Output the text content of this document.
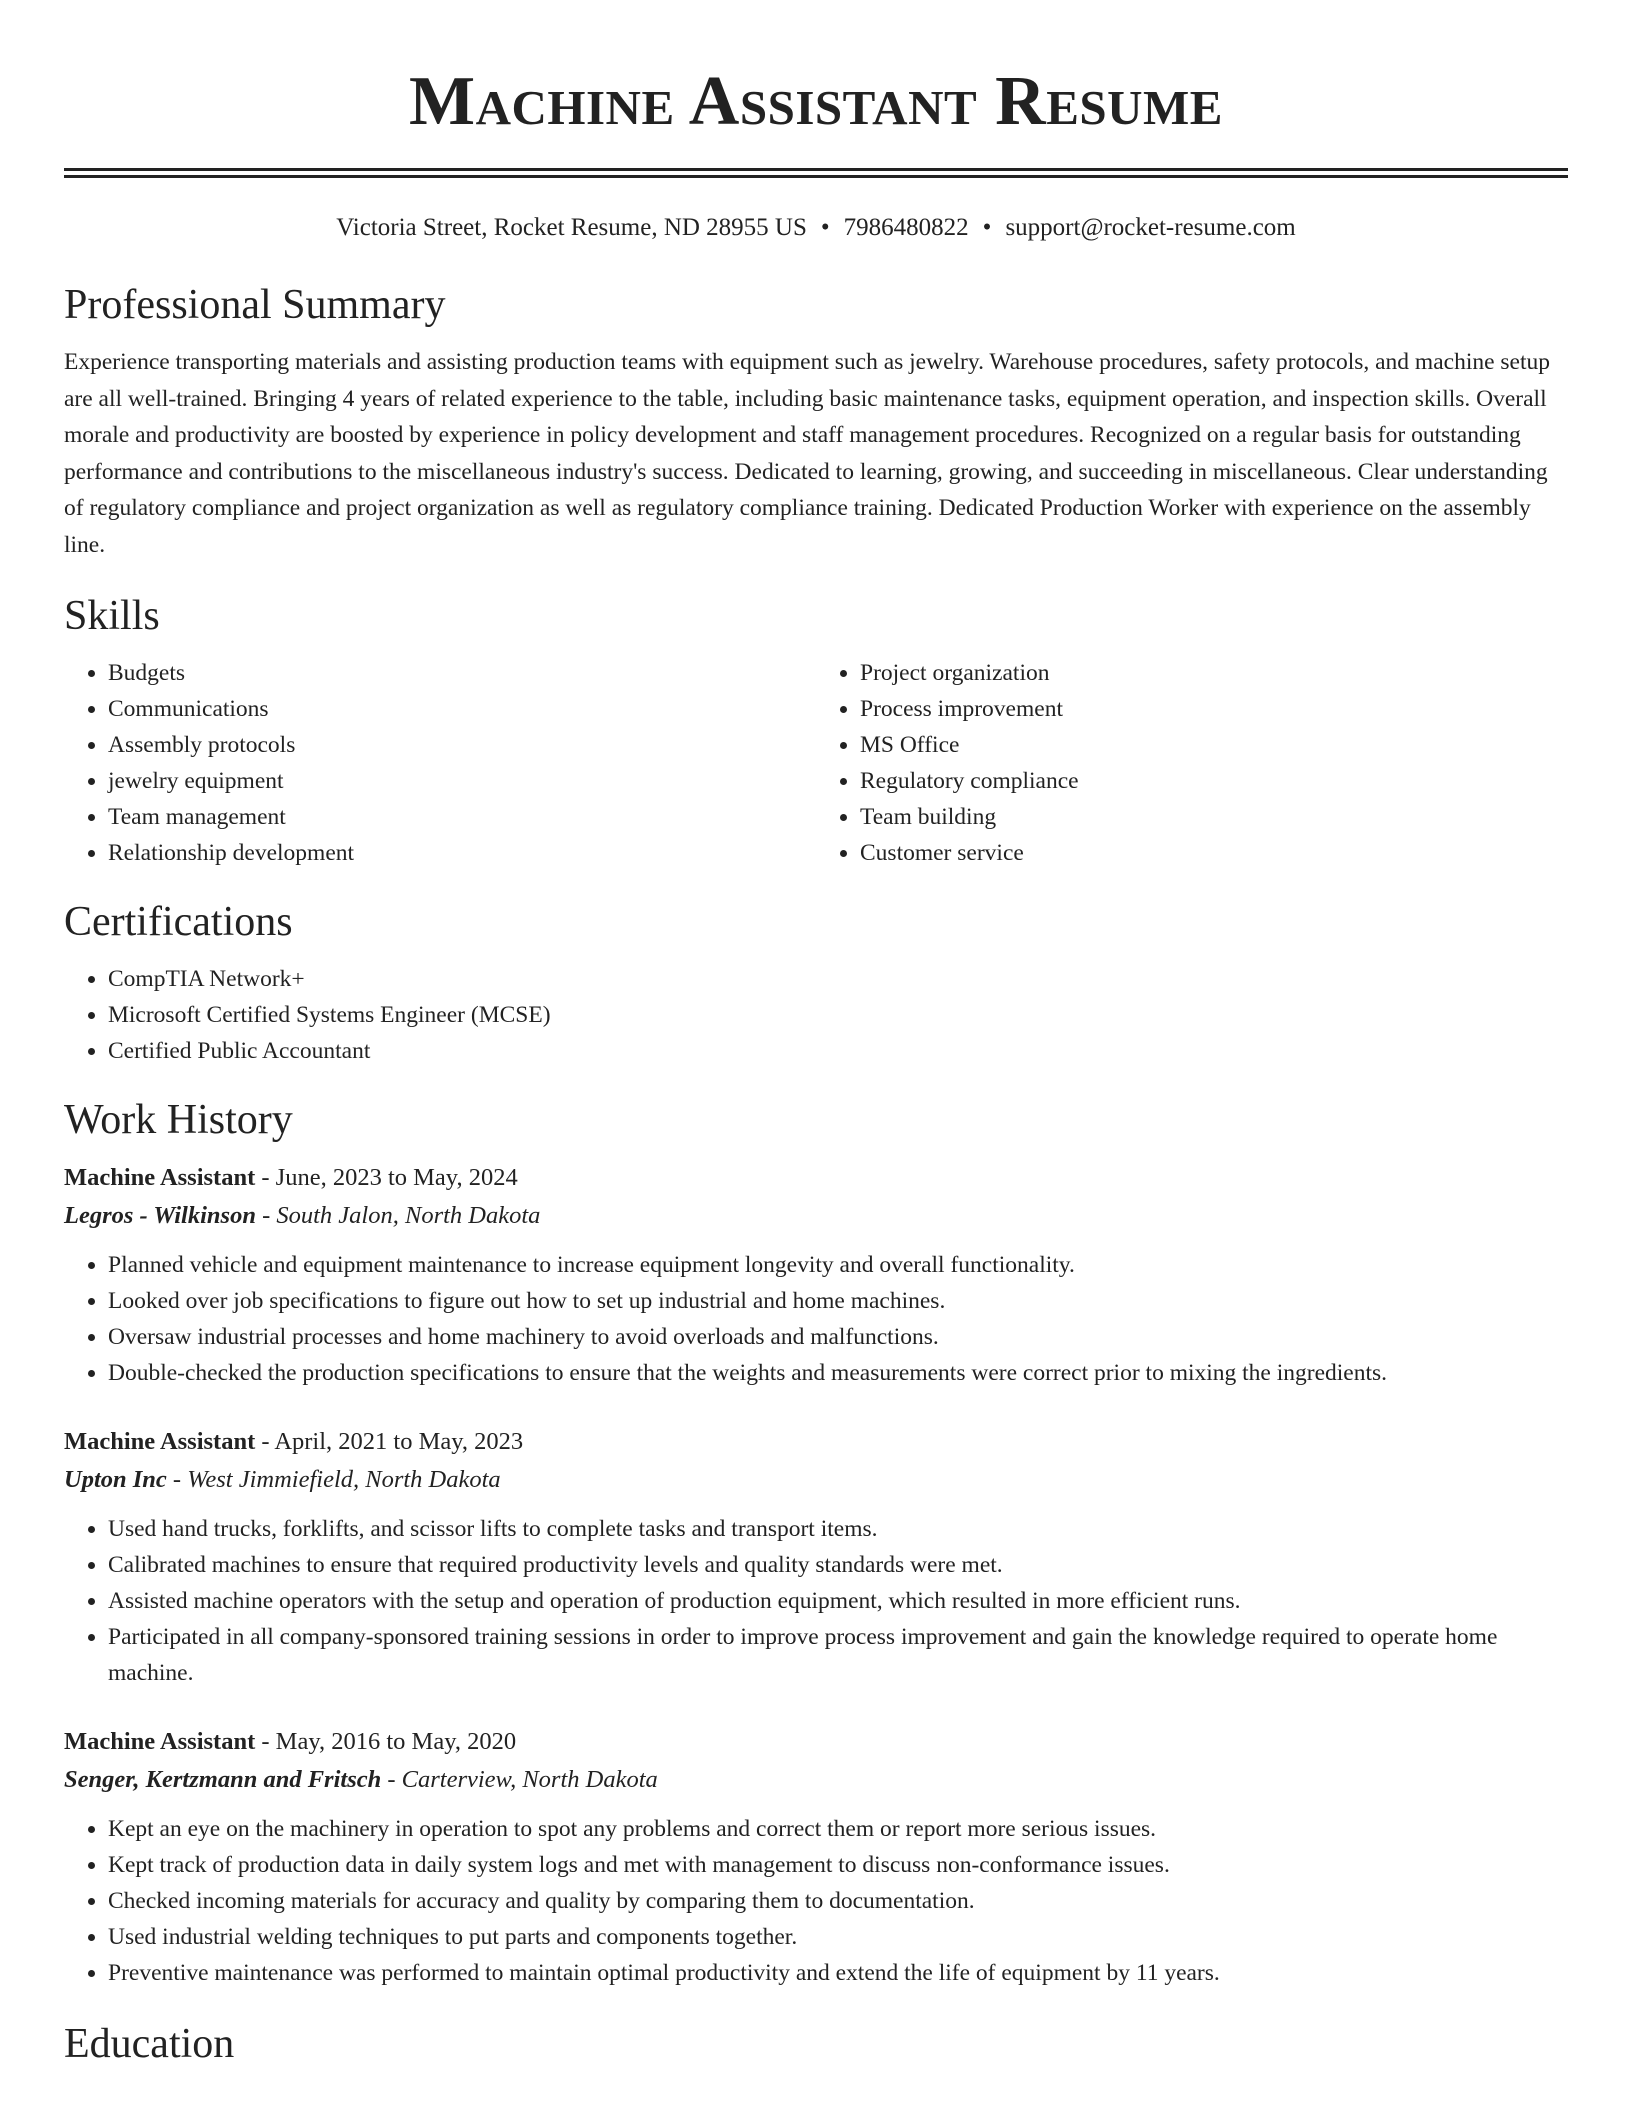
Machine Assistant Resume
Victoria Street, Rocket Resume, ND 28955 US • 7986480822 • support@rocket-resume.com
Professional Summary

Experience transporting materials and assisting production teams with equipment such as jewelry. Warehouse procedures, safety protocols, and machine setup are all well-trained. Bringing 4 years of related experience to the table, including basic maintenance tasks, equipment operation, and inspection skills. Overall morale and productivity are boosted by experience in policy development and staff management procedures. Recognized on a regular basis for outstanding performance and contributions to the miscellaneous industry's success. Dedicated to learning, growing, and succeeding in miscellaneous. Clear understanding of regulatory compliance and project organization as well as regulatory compliance training. Dedicated Production Worker with experience on the assembly line.

Skills
• Budgets
• Communications
• Assembly protocols
• jewelry equipment
• Team management
• Relationship development
• Project organization
• Process improvement
• MS Office
• Regulatory compliance
• Team building
• Customer service
Certifications
• CompTIA Network+
• Microsoft Certified Systems Engineer (MCSE)
• Certified Public Accountant
Work History
Machine Assistant - June, 2023 to May, 2024
Legros - Wilkinson - South Jalon, North Dakota
• Planned vehicle and equipment maintenance to increase equipment longevity and overall functionality.
• Looked over job specifications to figure out how to set up industrial and home machines.
• Oversaw industrial processes and home machinery to avoid overloads and malfunctions.
• Double-checked the production specifications to ensure that the weights and measurements were correct prior to mixing the ingredients.
Machine Assistant - April, 2021 to May, 2023
Upton Inc - West Jimmiefield, North Dakota
• Used hand trucks, forklifts, and scissor lifts to complete tasks and transport items.
• Calibrated machines to ensure that required productivity levels and quality standards were met.
• Assisted machine operators with the setup and operation of production equipment, which resulted in more efficient runs.
• Participated in all company-sponsored training sessions in order to improve process improvement and gain the knowledge required to operate home machine.
Machine Assistant - May, 2016 to May, 2020
Senger, Kertzmann and Fritsch - Carterview, North Dakota
• Kept an eye on the machinery in operation to spot any problems and correct them or report more serious issues.
• Kept track of production data in daily system logs and met with management to discuss non-conformance issues.
• Checked incoming materials for accuracy and quality by comparing them to documentation.
• Used industrial welding techniques to put parts and components together.
• Preventive maintenance was performed to maintain optimal productivity and extend the life of equipment by 11 years.
Education
